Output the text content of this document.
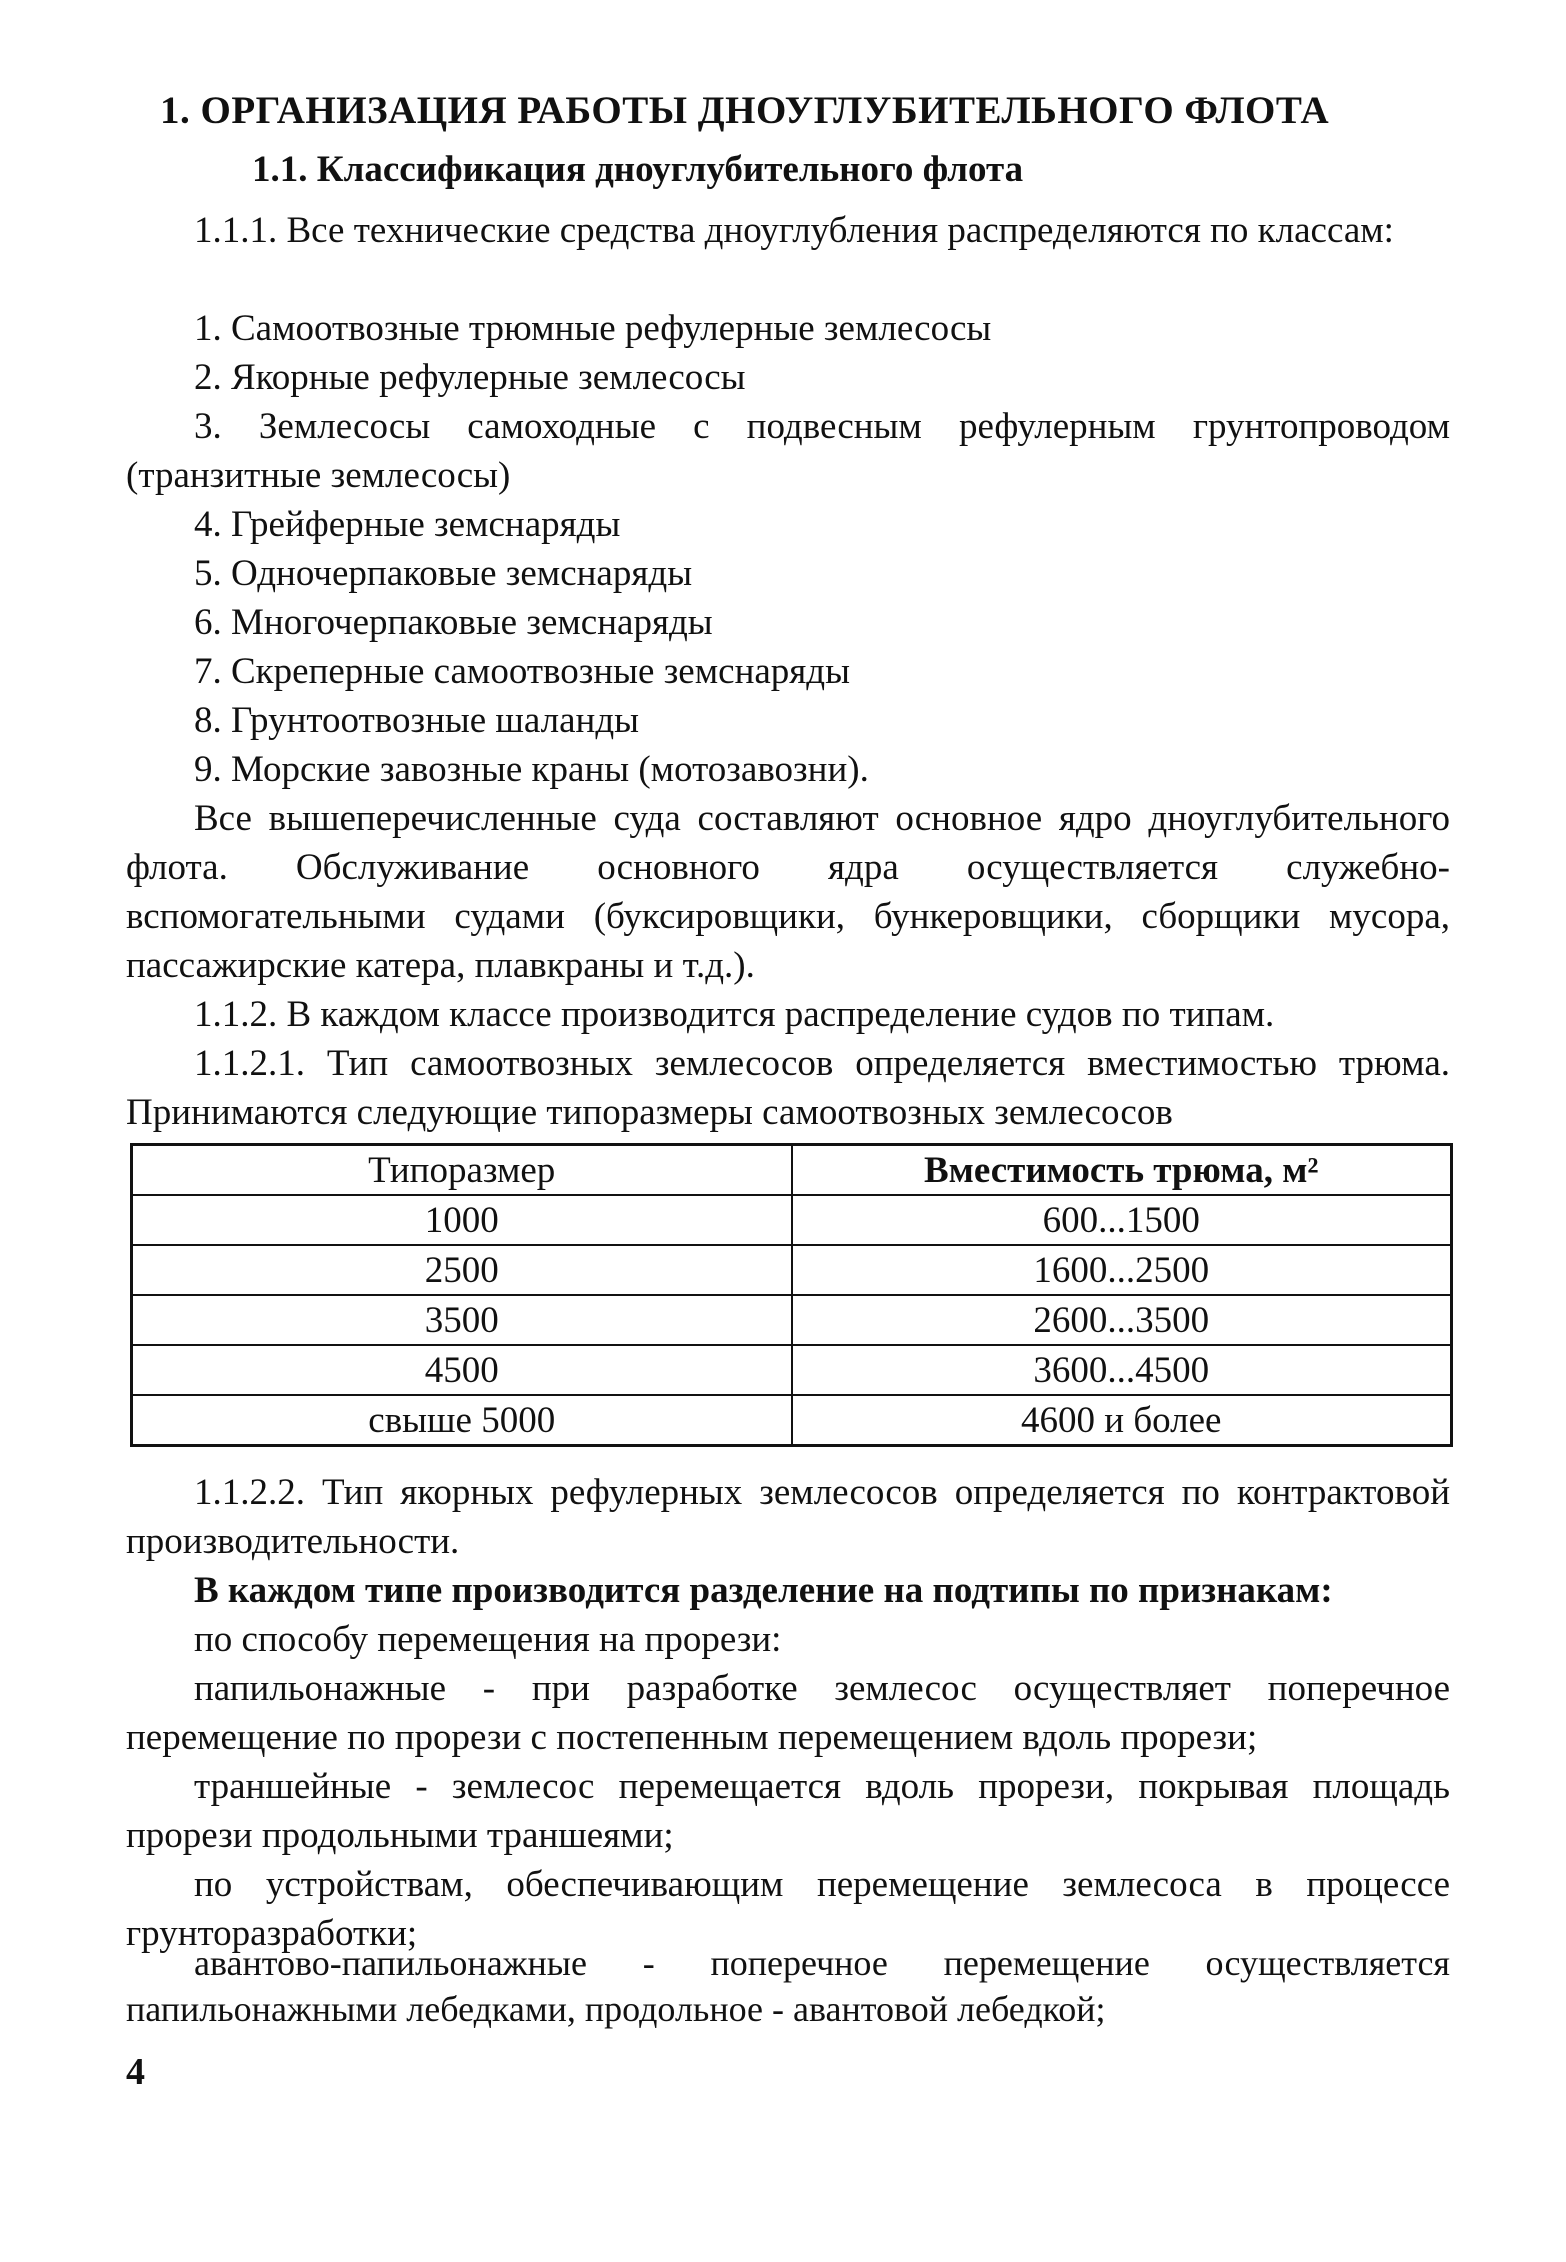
1. ОРГАНИЗАЦИЯ РАБОТЫ ДНОУГЛУБИТЕЛЬНОГО ФЛОТА
1.1. Классификация дноуглубительного флота

1.1.1. Все технические средства дноуглубления распределяются по классам:

1. Самоотвозные трюмные рефулерные землесосы

2. Якорные рефулерные землесосы

3. Землесосы самоходные с подвесным рефулерным грунтопроводом (транзитные землесосы)

4. Грейферные земснаряды

5. Одночерпаковые земснаряды

6. Многочерпаковые земснаряды

7. Скреперные самоотвозные земснаряды

8. Грунтоотвозные шаланды

9. Морские завозные краны (мотозавозни).

Все вышеперечисленные суда составляют основное ядро дноуглубительного флота. Обслуживание основного ядра осуществляется служебно-вспомогательными судами (буксировщики, бункеровщики, сборщики мусора, пассажирские катера, плавкраны и т.д.).

1.1.2. В каждом классе производится распределение судов по типам.

1.1.2.1. Тип самоотвозных землесосов определяется вместимостью трюма. Принимаются следующие типоразмеры самоотвозных землесосов

Типоразмер	Вместимость трюма, м²
1000	600...1500
2500	1600...2500
3500	2600...3500
4500	3600...4500
свыше 5000	4600 и более

1.1.2.2. Тип якорных рефулерных землесосов определяется по контрактовой производительности.

В каждом типе производится разделение на подтипы по признакам:

по способу перемещения на прорези:

папильонажные - при разработке землесос осуществляет поперечное перемещение по прорези с постепенным перемещением вдоль прорези;

траншейные - землесос перемещается вдоль прорези, покрывая площадь прорези продольными траншеями;

по устройствам, обеспечивающим перемещение землесоса в процессе грунторазработки;

авантово-папильонажные - поперечное перемещение осуществляется папильонажными лебедками, продольное - авантовой лебедкой;

4
